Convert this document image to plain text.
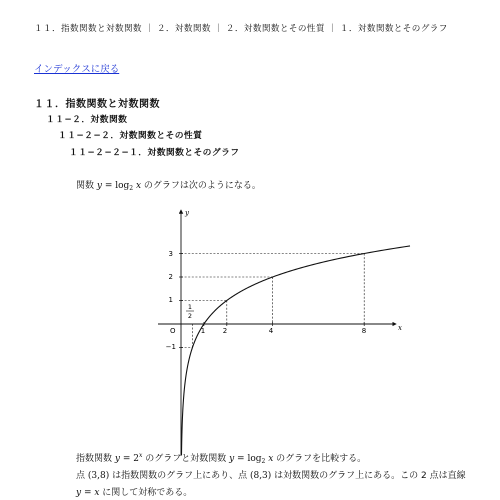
１１．指数関数と対数関数 ｜ ２．対数関数 ｜ ２．対数関数とその性質 ｜ １．対数関数とそのグラフ
インデックスに戻る
１１．指数関数と対数関数
１１−２．対数関数
１１−２−２．対数関数とその性質
１１−２−２−１．対数関数とそのグラフ
関数 $y = \log_2 x$ のグラフは次のようになる。
x
y
O	1	2	4	8
3
2
1
−1
1
2
指数関数 $y = 2^x$ のグラフと対数関数 $y = \log_2 x$ のグラフを比較する。
点 (3,8) は指数関数のグラフ上にあり、点 (8,3) は対数関数のグラフ上にある。この 2 点は直線
y = x に関して対称である。
